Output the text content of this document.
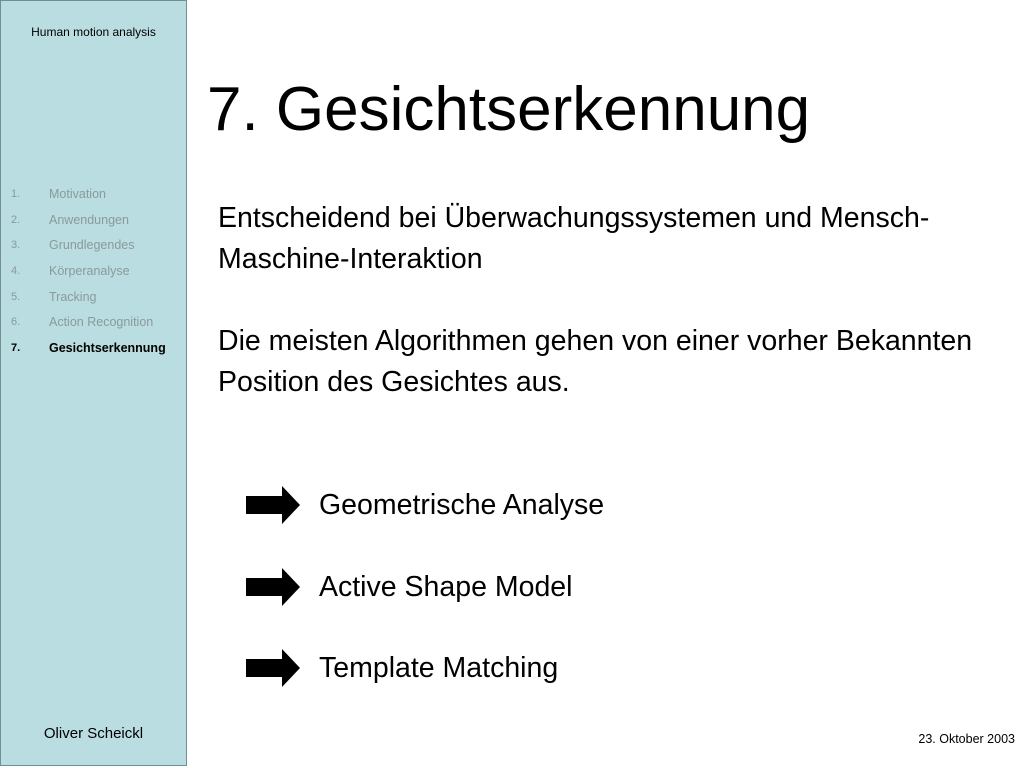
Human motion analysis
1.	Motivation
2.	Anwendungen
3.	Grundlegendes
4.	Körperanalyse
5.	Tracking
6.	Action Recognition
7.	Gesichtserkennung
Oliver Scheickl
7. Gesichtserkennung
Entscheidend bei Überwachungssystemen und Mensch-Maschine-Interaktion
Die meisten Algorithmen gehen von einer vorher Bekannten Position des Gesichtes aus.
Geometrische Analyse
Active Shape Model
Template Matching
23. Oktober 2003
